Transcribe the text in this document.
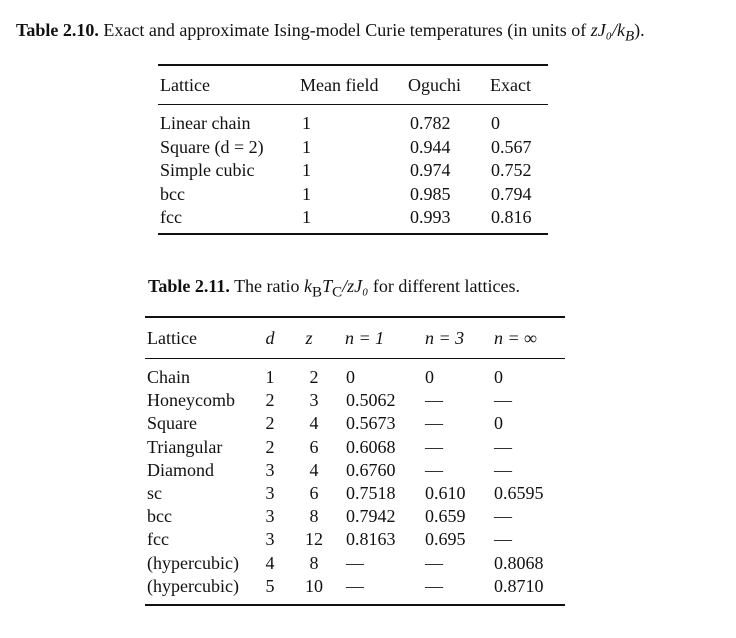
Table 2.10. Exact and approximate Ising-model Curie temperatures (in units of zJ₀/$k_B$).
Lattice	Mean field Oguchi Exact
Linear chain	1	0.782 0
Square (d = 2) 1	0.944 0.567
Simple cubic	1	0.974 0.752
bcc	1	0.985 0.794
fcc	1	0.993 0.816
Table 2.11. The ratio $k_BT_C$/zJ₀ for different lattices.
Lattice	d	z	n = 1 n = 3 n = ∞
Chain	1	2	0	0	0
Honeycomb	2	3	0.5062 —	—
Square	2	4	0.5673 —	0
Triangular	2	6	0.6068 —	—
Diamond	3	4	0.6760 —	—
sc	3	6	0.7518 0.610 0.6595
bcc	3	8	0.7942 0.659 —
fcc	3	12	0.8163 0.695 —
(hypercubic)	4	8	—	—	0.8068
(hypercubic)	5	10	—	—	0.8710
